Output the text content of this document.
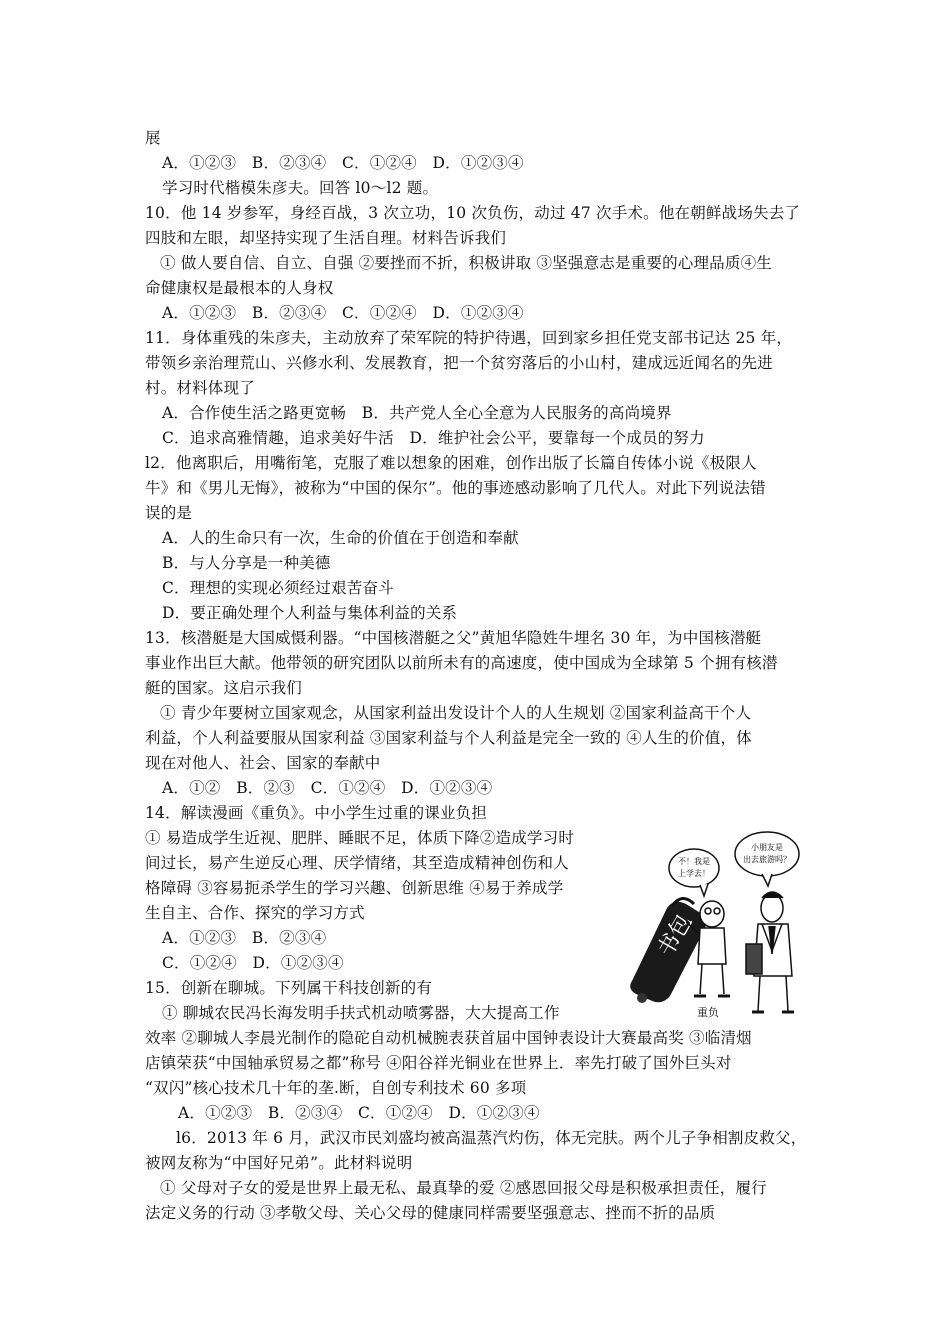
展
A．①②③　B．②③④　C．①②④　D．①②③④
学习时代楷模朱彦夫。回答 l0～l2 题。
10．他 14 岁参军，身经百战，3 次立功，10 次负伤，动过 47 次手术。他在朝鲜战场失去了
四肢和左眼，却坚持实现了生活自理。材料告诉我们
① 做人要自信、自立、自强 ②要挫而不折，积极讲取 ③坚强意志是重要的心理品质④生
命健康权是最根本的人身权
A．①②③　B．②③④　C．①②④　D．①②③④
11．身体重残的朱彦夫，主动放弃了荣军院的特护待遇，回到家乡担任党支部书记达 25 年，
带领乡亲治理荒山、兴修水利、发展教育，把一个贫穷落后的小山村，建成远近闻名的先进
村。材料体现了
A．合作使生活之路更宽畅　B．共产党人全心全意为人民服务的高尚境界
C．追求高雅情趣，追求美好牛活　D．维护社会公平，要靠每一个成员的努力
l2．他离职后，用嘴衔笔，克服了难以想象的困难，创作出版了长篇自传体小说《极限人
牛》和《男儿无悔》，被称为“中国的保尔”。他的事迹感动影响了几代人。对此下列说法错
误的是
A．人的生命只有一次，生命的价值在于创造和奉献
B．与人分享是一种美德
C．理想的实现必须经过艰苦奋斗
D．要正确处理个人利益与集体利益的关系
13．核潜艇是大国威慑利器。“中国核潜艇之父”黄旭华隐姓牛埋名 30 年，为中国核潜艇
事业作出巨大献。他带领的研究团队以前所未有的高速度，使中国成为全球第 5 个拥有核潜
艇的国家。这启示我们
① 青少年要树立国家观念，从国家利益出发设计个人的人生规划 ②国家利益高干个人
利益，个人利益要服从国家利益 ③国家利益与个人利益是完全一致的 ④人生的价值，体
现在对他人、社会、国家的奉献中
A．①②　B．②③　C．①②④　D．①②③④
14．解读漫画《重负》。中小学生过重的课业负担
① 易造成学生近视、肥胖、睡眠不足，体质下降②造成学习时
间过长，易产生逆反心理、厌学情绪，其至造成精神创伤和人
格障碍 ③容易扼杀学生的学习兴趣、创新思维 ④易于养成学
生自主、合作、探究的学习方式
A．①②③　B．②③④
C．①②④　D．①②③④
15．创新在聊城。下列属干科技创新的有
① 聊城农民冯长海发明手扶式机动喷雾器，大大提高工作
效率 ②聊城人李晨光制作的隐砣自动机械腕表获首届中国钟表设计大赛最高奖 ③临清烟
店镇荣获“中国轴承贸易之都”称号 ④阳谷祥光铜业在世界上．率先打破了国外巨头对
“双闪”核心技术几十年的垄.断，自创专利技术 60 多项
A．①②③　B．②③④　C．①②④　D．①②③④
l6．2013 年 6 月，武汉市民刘盛均被高温蒸汽灼伤，体无完肤。两个儿子争相割皮救父，
被网友称为“中国好兄弟”。此材料说明
① 父母对子女的爱是世界上最无私、最真挚的爱 ②感恩回报父母是积极承担责任，履行
法定义务的行动 ③孝敬父母、关心父母的健康同样需要坚强意志、挫而不折的品质
小朋友是
出去旅游吗？
不！我是
上学去！
书包
重负
